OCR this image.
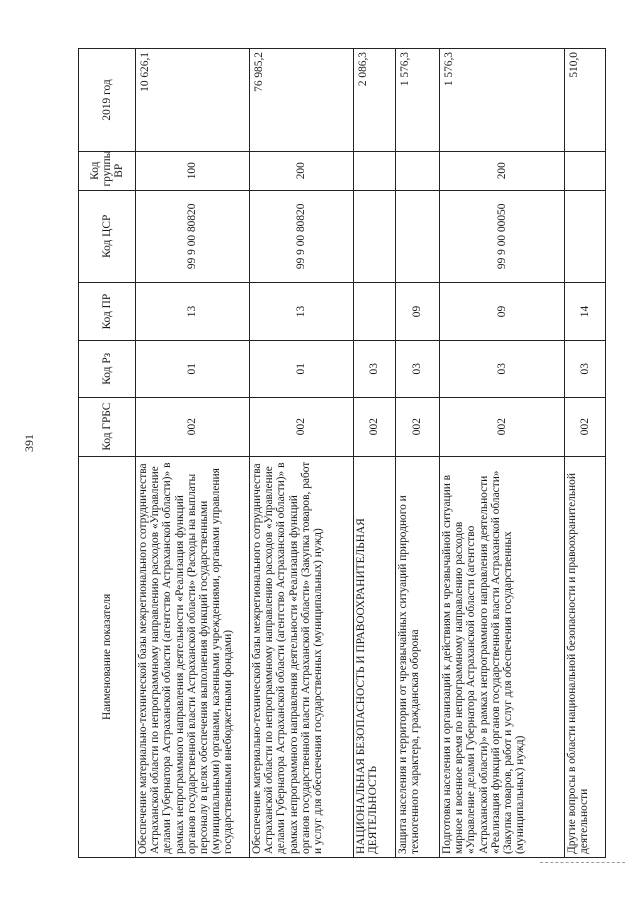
391
Наименование показателя	Код ГРБС	Код Рз	Код ПР	Код ЦСР	Код группы ВР	2019 год
Обеспечение материально-технической базы межрегионального сотрудничества Астраханской области по непрограммному направлению расходов «Управление делами Губернатора Астраханской области (агентство Астраханской области)» в рамках непрограммного направления деятельности «Реализация функций органов государственной власти Астраханской области» (Расходы на выплаты персоналу в целях обеспечения выполнения функций государственными (муниципальными) органами, казенными учреждениями, органами управления государственными внебюджетными фондами)	002	01	13	99 9 00 80820	100	10 626,1
Обеспечение материально-технической базы межрегионального сотрудничества Астраханской области по непрограммному направлению расходов «Управление делами Губернатора Астраханской области (агентство Астраханской области)» в рамках непрограммного направления деятельности «Реализация функций органов государственной власти Астраханской области» (Закупка товаров, работ и услуг для обеспечения государственных (муниципальных) нужд)	002	01	13	99 9 00 80820	200	76 985,2
НАЦИОНАЛЬНАЯ БЕЗОПАСНОСТЬ И ПРАВООХРАНИТЕЛЬНАЯ ДЕЯТЕЛЬНОСТЬ	002	03				2 086,3
Защита населения и территории от чрезвычайных ситуаций природного и техногенного характера, гражданская оборона	002	03	09			1 576,3
Подготовка населения и организаций к действиям в чрезвычайной ситуации в мирное и военное время по непрограммному направлению расходов «Управление делами Губернатора Астраханской области (агентство Астраханской области)» в рамках непрограммного направления деятельности «Реализация функций органов государственной власти Астраханской области» (Закупка товаров, работ и услуг для обеспечения государственных (муниципальных) нужд)	002	03	09	99 9 00 00050	200	1 576,3
Другие вопросы в области национальной безопасности и правоохранительной деятельности	002	03	14			510,0
